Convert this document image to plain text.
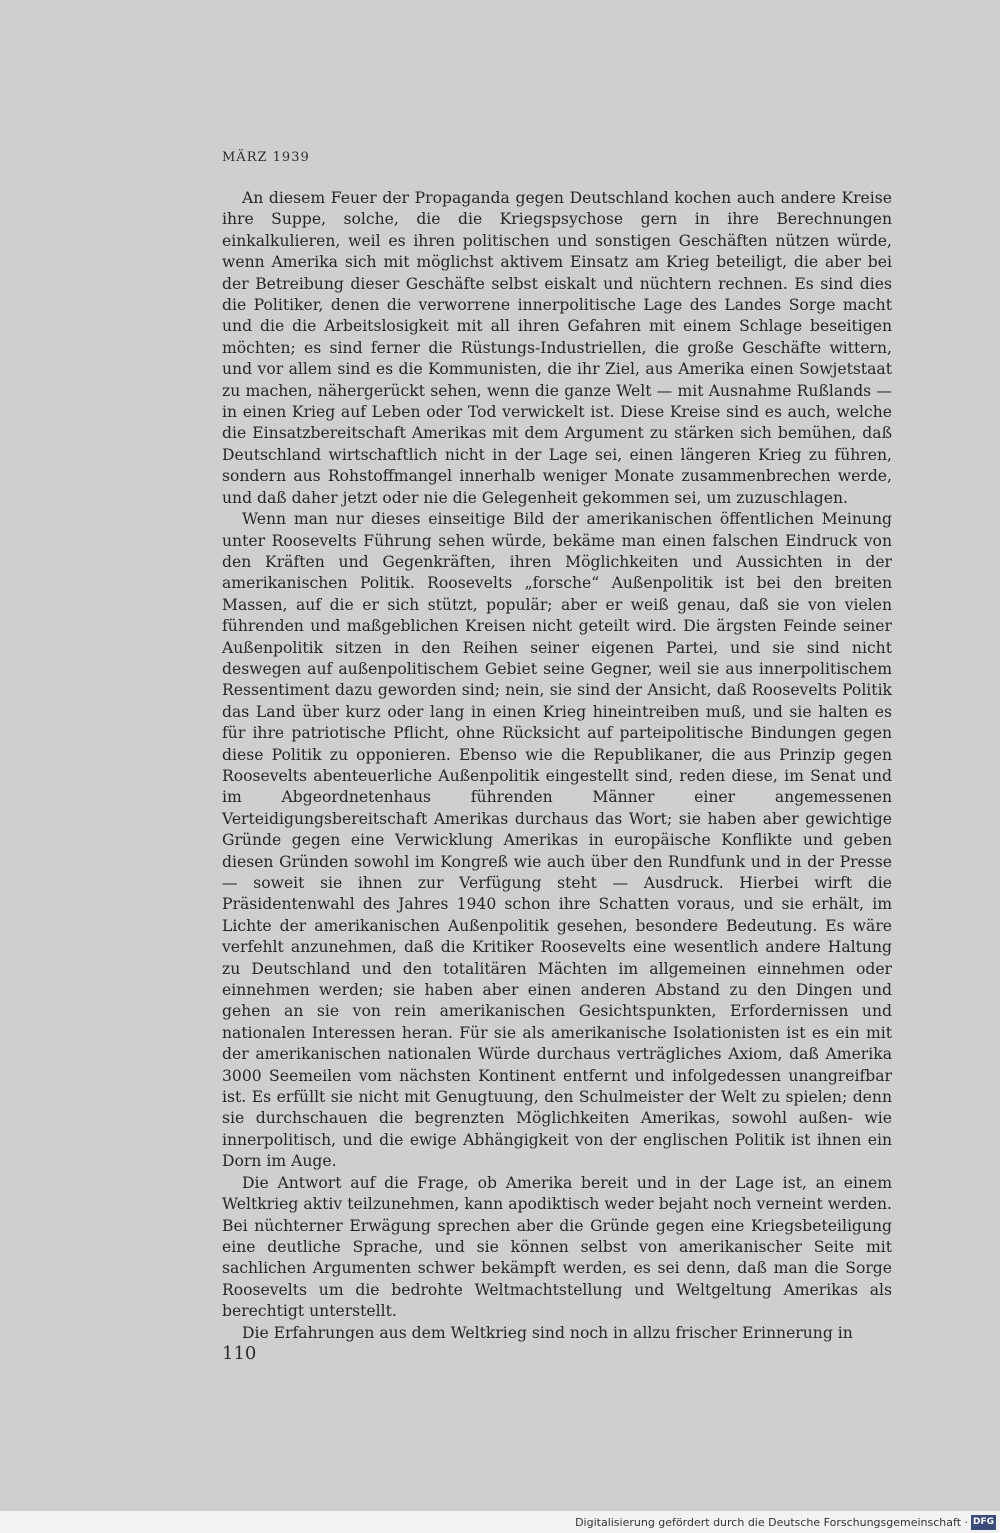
MÄRZ 1939

An diesem Feuer der Propaganda gegen Deutschland kochen auch andere Kreise ihre Suppe, solche, die die Kriegspsychose gern in ihre Berechnungen einkalkulieren, weil es ihren politischen und sonstigen Geschäften nützen würde, wenn Amerika sich mit möglichst aktivem Einsatz am Krieg beteiligt, die aber bei der Betreibung dieser Geschäfte selbst eiskalt und nüchtern rechnen. Es sind dies die Politiker, denen die verworrene innerpolitische Lage des Landes Sorge macht und die die Arbeitslosigkeit mit all ihren Gefahren mit einem Schlage beseitigen möchten; es sind ferner die Rüstungs-Industriellen, die große Geschäfte wittern, und vor allem sind es die Kommunisten, die ihr Ziel, aus Amerika einen Sowjetstaat zu machen, nähergerückt sehen, wenn die ganze Welt — mit Ausnahme Rußlands — in einen Krieg auf Leben oder Tod verwickelt ist. Diese Kreise sind es auch, welche die Einsatzbereitschaft Amerikas mit dem Argument zu stärken sich bemühen, daß Deutschland wirtschaftlich nicht in der Lage sei, einen längeren Krieg zu führen, sondern aus Rohstoffmangel innerhalb weniger Monate zusammenbrechen werde, und daß daher jetzt oder nie die Gelegenheit gekommen sei, um zuzuschlagen.

Wenn man nur dieses einseitige Bild der amerikanischen öffentlichen Meinung unter Roosevelts Führung sehen würde, bekäme man einen falschen Eindruck von den Kräften und Gegenkräften, ihren Möglichkeiten und Aussichten in der amerikanischen Politik. Roosevelts „forsche“ Außenpolitik ist bei den breiten Massen, auf die er sich stützt, populär; aber er weiß genau, daß sie von vielen führenden und maßgeblichen Kreisen nicht geteilt wird. Die ärgsten Feinde seiner Außenpolitik sitzen in den Reihen seiner eigenen Partei, und sie sind nicht deswegen auf außenpolitischem Gebiet seine Gegner, weil sie aus innerpolitischem Ressentiment dazu geworden sind; nein, sie sind der Ansicht, daß Roosevelts Politik das Land über kurz oder lang in einen Krieg hineintreiben muß, und sie halten es für ihre patriotische Pflicht, ohne Rücksicht auf parteipolitische Bindungen gegen diese Politik zu opponieren. Ebenso wie die Republikaner, die aus Prinzip gegen Roosevelts abenteuerliche Außenpolitik eingestellt sind, reden diese, im Senat und im Abgeordnetenhaus führenden Männer einer angemessenen Verteidigungsbereitschaft Amerikas durchaus das Wort; sie haben aber gewichtige Gründe gegen eine Verwicklung Amerikas in europäische Konflikte und geben diesen Gründen sowohl im Kongreß wie auch über den Rundfunk und in der Presse — soweit sie ihnen zur Verfügung steht — Ausdruck. Hierbei wirft die Präsidentenwahl des Jahres 1940 schon ihre Schatten voraus, und sie erhält, im Lichte der amerikanischen Außenpolitik gesehen, besondere Bedeutung. Es wäre verfehlt anzunehmen, daß die Kritiker Roosevelts eine wesentlich andere Haltung zu Deutschland und den totalitären Mächten im allgemeinen einnehmen oder einnehmen werden; sie haben aber einen anderen Abstand zu den Dingen und gehen an sie von rein amerikanischen Gesichtspunkten, Erfordernissen und nationalen Interessen heran. Für sie als amerikanische Isolationisten ist es ein mit der amerikanischen nationalen Würde durchaus verträgliches Axiom, daß Amerika 3000 Seemeilen vom nächsten Kontinent entfernt und infolgedessen unangreifbar ist. Es erfüllt sie nicht mit Genugtuung, den Schulmeister der Welt zu spielen; denn sie durchschauen die begrenzten Möglichkeiten Amerikas, sowohl außen- wie innerpolitisch, und die ewige Abhängigkeit von der englischen Politik ist ihnen ein Dorn im Auge.

Die Antwort auf die Frage, ob Amerika bereit und in der Lage ist, an einem Weltkrieg aktiv teilzunehmen, kann apodiktisch weder bejaht noch verneint werden. Bei nüchterner Erwägung sprechen aber die Gründe gegen eine Kriegsbeteiligung eine deutliche Sprache, und sie können selbst von amerikanischer Seite mit sachlichen Argumenten schwer bekämpft werden, es sei denn, daß man die Sorge Roosevelts um die bedrohte Weltmachtstellung und Weltgeltung Amerikas als berechtigt unterstellt.

Die Erfahrungen aus dem Weltkrieg sind noch in allzu frischer Erinnerung in

110
Digitalisierung gefördert durch die Deutsche Forschungsgemeinschaft · DFG
